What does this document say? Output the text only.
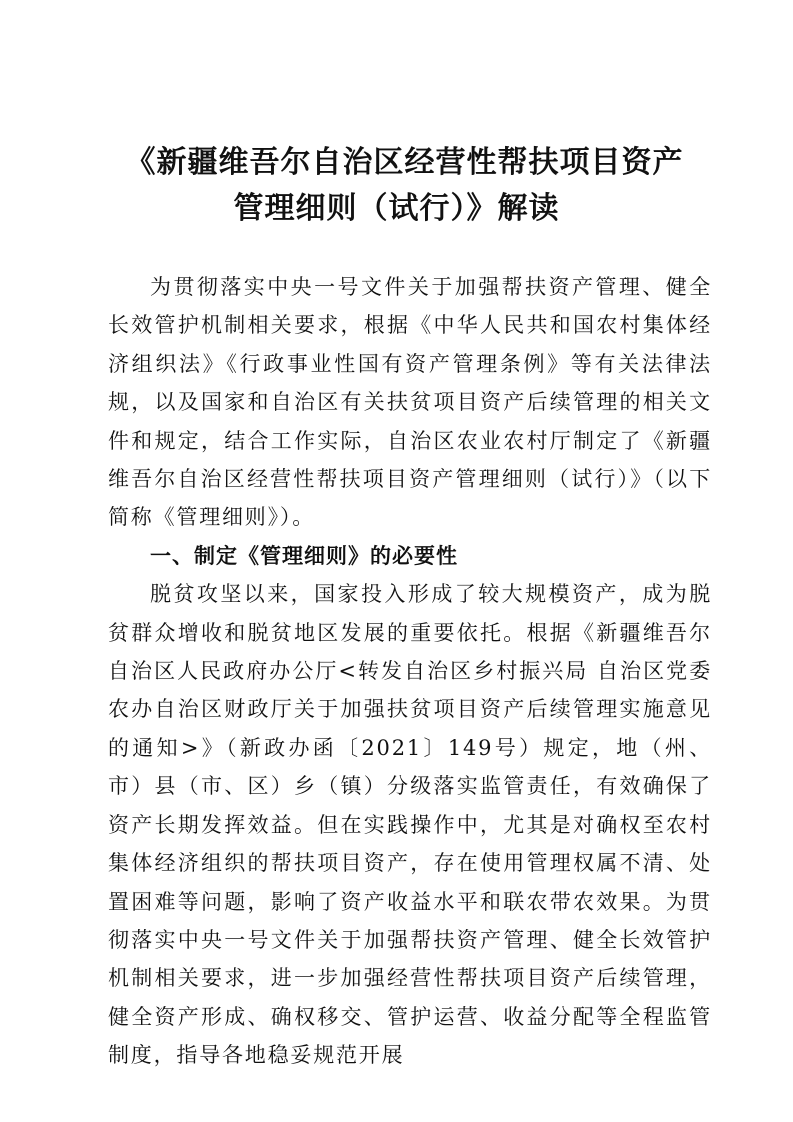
《新疆维吾尔自治区经营性帮扶项目资产
管理细则（试行）》解读

为贯彻落实中央一号文件关于加强帮扶资产管理、健全长效管护机制相关要求，根据《中华人民共和国农村集体经济组织法》《行政事业性国有资产管理条例》等有关法律法规，以及国家和自治区有关扶贫项目资产后续管理的相关文件和规定，结合工作实际，自治区农业农村厅制定了《新疆维吾尔自治区经营性帮扶项目资产管理细则（试行）》（以下简称《管理细则》）。

一、制定《管理细则》的必要性

脱贫攻坚以来，国家投入形成了较大规模资产，成为脱贫群众增收和脱贫地区发展的重要依托。根据《新疆维吾尔自治区人民政府办公厅<转发自治区乡村振兴局 自治区党委农办自治区财政厅关于加强扶贫项目资产后续管理实施意见的通知>》（新政办函〔2021〕149号）规定，地（州、市）县（市、区）乡（镇）分级落实监管责任，有效确保了资产长期发挥效益。但在实践操作中，尤其是对确权至农村集体经济组织的帮扶项目资产，存在使用管理权属不清、处置困难等问题，影响了资产收益水平和联农带农效果。为贯彻落实中央一号文件关于加强帮扶资产管理、健全长效管护机制相关要求，进一步加强经营性帮扶项目资产后续管理，健全资产形成、确权移交、管护运营、收益分配等全程监管制度，指导各地稳妥规范开展
